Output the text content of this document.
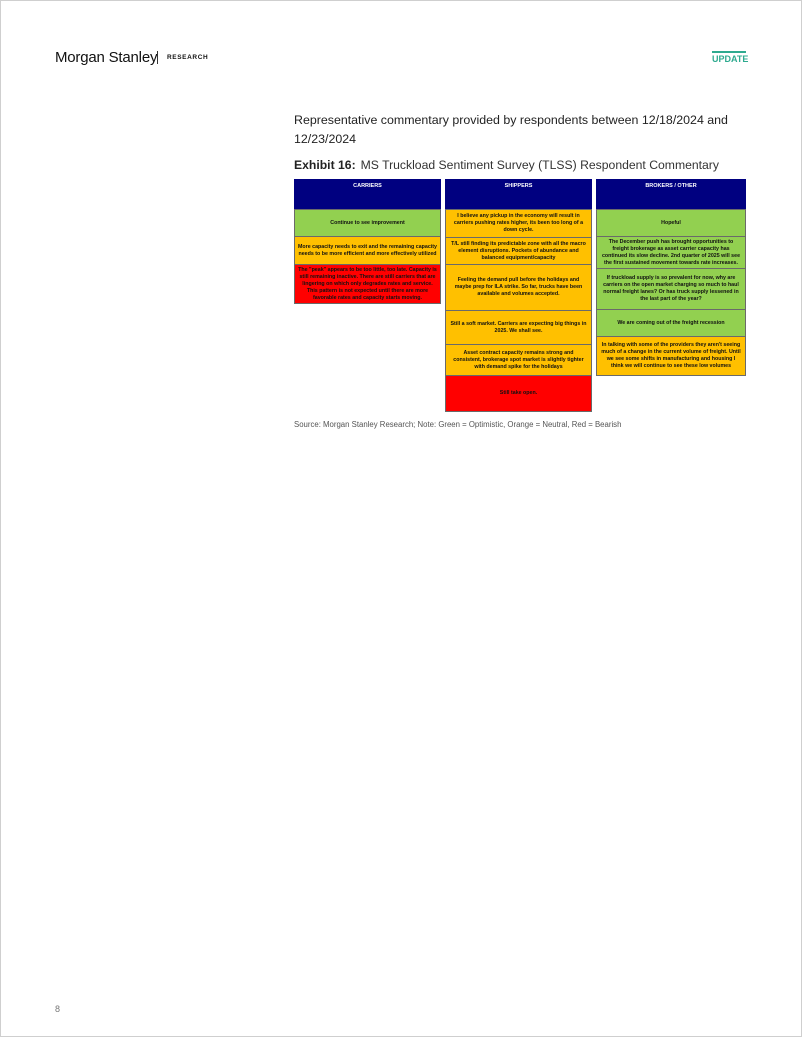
Morgan Stanley RESEARCH	UPDATE
Representative commentary provided by respondents between 12/18/2024 and 12/23/2024
Exhibit 16: MS Truckload Sentiment Survey (TLSS) Respondent Commentary
CARRIERS
Continue to see improvement
More capacity needs to exit and the remaining capacity needs to be more efficient and more effectively utilized
The "peak" appears to be too little, too late. Capacity is still remaining inactive. There are still carriers that are lingering on which only degrades rates and service. This pattern is not expected until there are more favorable rates and capacity starts moving.
SHIPPERS
I believe any pickup in the economy will result in carriers pushing rates higher, its been too long of a down cycle.
T/L still finding its predictable zone with all the macro element disruptions. Pockets of abundance and balanced equipment/capacity
Feeling the demand pull before the holidays and maybe prep for ILA strike. So far, trucks have been available and volumes accepted.
Still a soft market. Carriers are expecting big things in 2025. We shall see.
Asset contract capacity remains strong and consistent, brokerage spot market is slightly tighter with demand spike for the holidays
Still take open.
BROKERS / OTHER
Hopeful
The December push has brought opportunities to freight brokerage as asset carrier capacity has continued its slow decline. 2nd quarter of 2025 will see the first sustained movement towards rate increases.
If truckload supply is so prevalent for now, why are carriers on the open market charging so much to haul normal freight lanes? Or has truck supply lessened in the last part of the year?
We are coming out of the freight recession
In talking with some of the providers they aren't seeing much of a change in the current volume of freight. Until we see some shifts in manufacturing and housing I think we will continue to see these low volumes
Source: Morgan Stanley Research; Note: Green = Optimistic, Orange = Neutral, Red = Bearish
8
